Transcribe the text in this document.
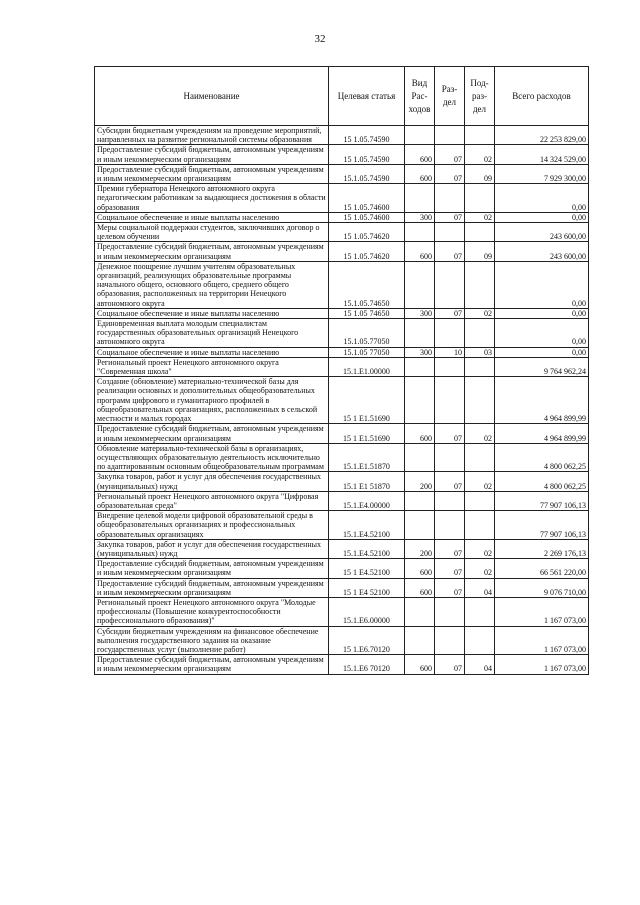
32
Наименование	Целевая статья	Вид Рас-ходов	Раз-дел	Под-раз-дел	Всего расходов
Субсидии бюджетным учреждениям на проведение мероприятий, направленных на развитие региональной системы образования	15 1.05.74590				22 253 829,00
Предоставление субсидий бюджетным, автономным учреждениям и иным некоммерческим организациям	15 1.05.74590	600	07	02	14 324 529,00
Предоставление субсидий бюджетным, автономным учреждениям и иным некоммерческим организациям	15.1.05.74590	600	07	09	7 929 300,00
Премии губернатора Ненецкого автономного округа педагогическим работникам за выдающиеся достижения в области образования	15 1.05.74600				0,00
Социальное обеспечение и иные выплаты населению	15 1.05.74600	300	07	02	0,00
Меры социальной поддержки студентов, заключивших договор о целевом обучении	15 1.05.74620				243 600,00
Предоставление субсидий бюджетным, автономным учреждениям и иным некоммерческим организациям	15 1.05.74620	600	07	09	243 600,00
Денежное поощрение лучшим учителям образовательных организаций, реализующих образовательные программы начального общего, основного общего, среднего общего образования, расположенных на территории Ненецкого автономного округа	15.1.05.74650				0,00
Социальное обеспечение и иные выплаты населению	15 1.05 74650	300	07	02	0,00
Единовременная выплата молодым специалистам государственных образовательных организаций Ненецкого автономного округа	15.1.05.77050				0,00
Социальное обеспечение и иные выплаты населению	15.1.05 77050	300	10	03	0,00
Региональный проект Ненецкого автономного округа "Современная школа"	15.1.E1.00000				9 764 962,24
Создание (обновление) материально-технической базы для реализации основных и дополнительных общеобразовательных программ цифрового и гуманитарного профилей в общеобразовательных организациях, расположенных в сельской местности и малых городах	15 1 E1.51690				4 964 899,99
Предоставление субсидий бюджетным, автономным учреждениям и иным некоммерческим организациям	15 1 E1.51690	600	07	02	4 964 899,99
Обновление материально-технической базы в организациях, осуществляющих образовательную деятельность исключительно по адаптированным основным общеобразовательным программам	15.1.E1.51870				4 800 062,25
Закупка товаров, работ и услуг для обеспечения государственных (муниципальных) нужд	15.1 E1 51870	200	07	02	4 800 062,25
Региональный проект Ненецкого автономного округа "Цифровая образовательная среда"	15.1.E4.00000				77 907 106,13
Внедрение целевой модели цифровой образовательной среды в общеобразовательных организациях и профессиональных образовательных организациях	15.1.E4.52100				77 907 106,13
Закупка товаров, работ и услуг для обеспечения государственных (муниципальных) нужд	15.1.E4.52100	200	07	02	2 269 176,13
Предоставление субсидий бюджетным, автономным учреждениям и иным некоммерческим организациям	15 1 E4.52100	600	07	02	66 561 220,00
Предоставление субсидий бюджетным, автономным учреждениям и иным некоммерческим организациям	15 1 E4 52100	600	07	04	9 076 710,00
Региональный проект Ненецкого автономного округа "Молодые профессионалы (Повышение конкурентоспособности профессионального образования)"	15.1.E6.00000				1 167 073,00
Субсидии бюджетным учреждениям на финансовое обеспечение выполнения государственного задания на оказание государственных услуг (выполнение работ)	15 1.E6.70120				1 167 073,00
Предоставление субсидий бюджетным, автономным учреждениям и иным некоммерческим организациям	15.1.E6 70120	600	07	04	1 167 073,00
